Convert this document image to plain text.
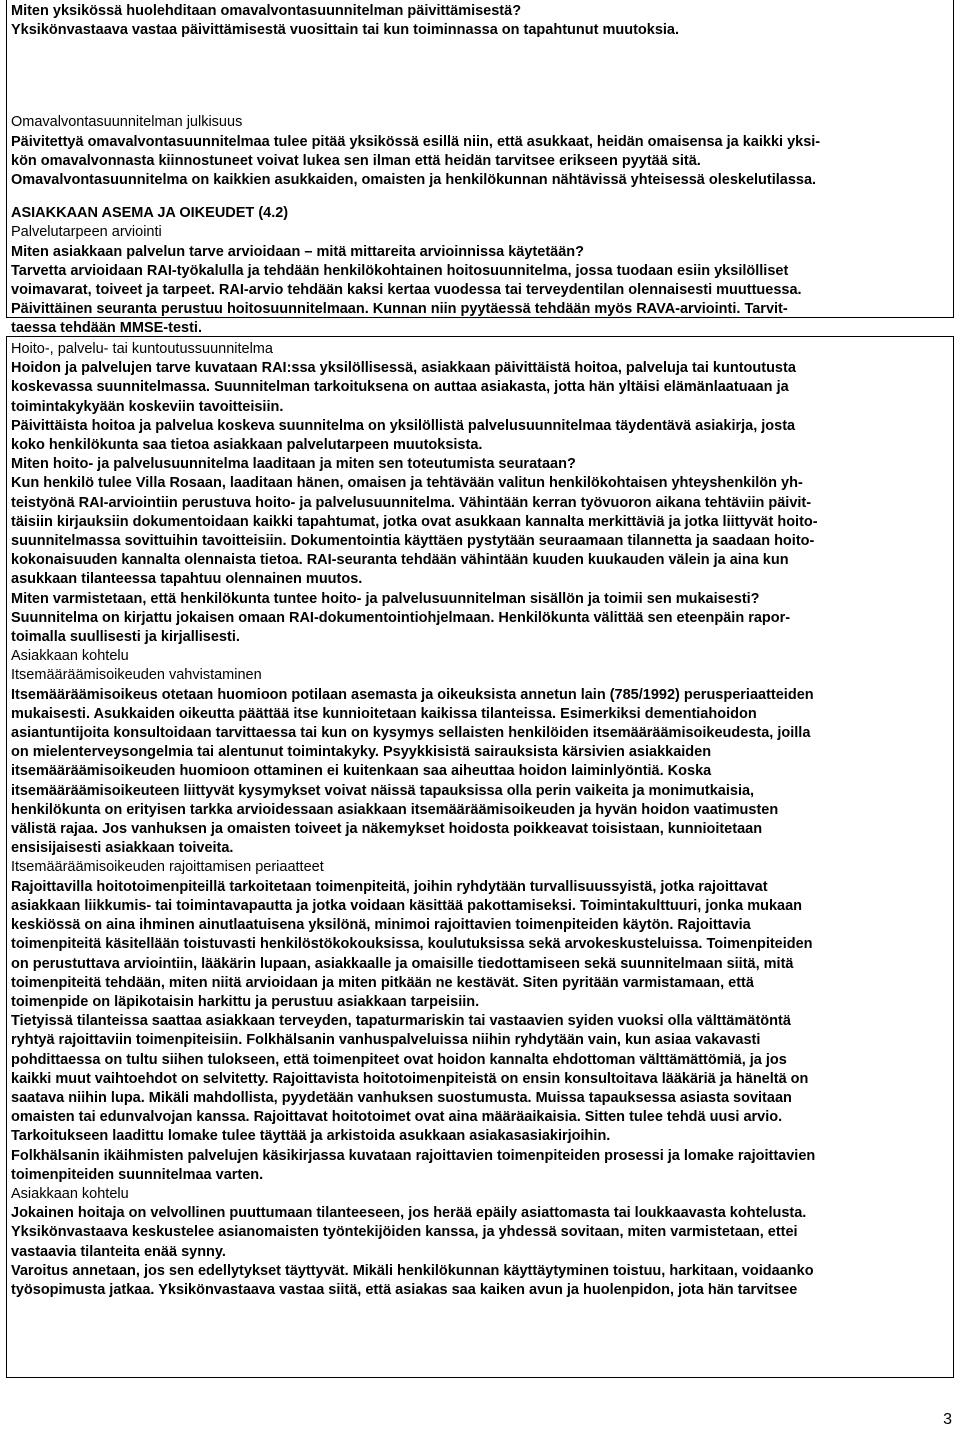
Miten yksikössä huolehditaan omavalvontasuunnitelman päivittämisestä?

Yksikönvastaava vastaa päivittämisestä vuosittain tai kun toiminnassa on tapahtunut muutoksia.

Omavalvontasuunnitelman julkisuus

Päivitettyä omavalvontasuunnitelmaa tulee pitää yksikössä esillä niin, että asukkaat, heidän omaisensa ja kaikki yksi-

kön omavalvonnasta kiinnostuneet voivat lukea sen ilman että heidän tarvitsee erikseen pyytää sitä.

Omavalvontasuunnitelma on kaikkien asukkaiden, omaisten ja henkilökunnan nähtävissä yhteisessä oleskelutilassa.

ASIAKKAAN ASEMA JA OIKEUDET (4.2)

Palvelutarpeen arviointi

Miten asiakkaan palvelun tarve arvioidaan – mitä mittareita arvioinnissa käytetään?

Tarvetta arvioidaan RAI-työkalulla ja tehdään henkilökohtainen hoitosuunnitelma, jossa tuodaan esiin yksilölliset

voimavarat, toiveet ja tarpeet. RAI-arvio tehdään kaksi kertaa vuodessa tai terveydentilan olennaisesti muuttuessa.

Päivittäinen seuranta perustuu hoitosuunnitelmaan. Kunnan niin pyytäessä tehdään myös RAVA-arviointi. Tarvit-

taessa tehdään MMSE-testi.

Hoito-, palvelu- tai kuntoutussuunnitelma

Hoidon ja palvelujen tarve kuvataan RAI:ssa yksilöllisessä, asiakkaan päivittäistä hoitoa, palveluja tai kuntoutusta

koskevassa suunnitelmassa. Suunnitelman tarkoituksena on auttaa asiakasta, jotta hän yltäisi elämänlaatuaan ja

toimintakykyään koskeviin tavoitteisiin.

Päivittäista hoitoa ja palvelua koskeva suunnitelma on yksilöllistä palvelusuunnitelmaa täydentävä asiakirja, josta

koko henkilökunta saa tietoa asiakkaan palvelutarpeen muutoksista.

Miten hoito- ja palvelusuunnitelma laaditaan ja miten sen toteutumista seurataan?

Kun henkilö tulee Villa Rosaan, laaditaan hänen, omaisen ja tehtävään valitun henkilökohtaisen yhteyshenkilön yh-

teistyönä RAI-arviointiin perustuva hoito- ja palvelusuunnitelma. Vähintään kerran työvuoron aikana tehtäviin päivit-

täisiin kirjauksiin dokumentoidaan kaikki tapahtumat, jotka ovat asukkaan kannalta merkittäviä ja jotka liittyvät hoito-

suunnitelmassa sovittuihin tavoitteisiin. Dokumentointia käyttäen pystytään seuraamaan tilannetta ja saadaan hoito-

kokonaisuuden kannalta olennaista tietoa. RAI-seuranta tehdään vähintään kuuden kuukauden välein ja aina kun

asukkaan tilanteessa tapahtuu olennainen muutos.

Miten varmistetaan, että henkilökunta tuntee hoito- ja palvelusuunnitelman sisällön ja toimii sen mukaisesti?

Suunnitelma on kirjattu jokaisen omaan RAI-dokumentointiohjelmaan. Henkilökunta välittää sen eteenpäin rapor-

toimalla suullisesti ja kirjallisesti.

Asiakkaan kohtelu

Itsemääräämisoikeuden vahvistaminen

Itsemääräämisoikeus otetaan huomioon potilaan asemasta ja oikeuksista annetun lain (785/1992) perusperiaatteiden

mukaisesti. Asukkaiden oikeutta päättää itse kunnioitetaan kaikissa tilanteissa. Esimerkiksi dementiahoidon

asiantuntijoita konsultoidaan tarvittaessa tai kun on kysymys sellaisten henkilöiden itsemääräämisoikeudesta, joilla

on mielenterveysongelmia tai alentunut toimintakyky. Psyykkisistä sairauksista kärsivien asiakkaiden

itsemääräämisoikeuden huomioon ottaminen ei kuitenkaan saa aiheuttaa hoidon laiminlyöntiä. Koska

itsemääräämisoikeuteen liittyvät kysymykset voivat näissä tapauksissa olla perin vaikeita ja monimutkaisia,

henkilökunta on erityisen tarkka arvioidessaan asiakkaan itsemääräämisoikeuden ja hyvän hoidon vaatimusten

välistä rajaa. Jos vanhuksen ja omaisten toiveet ja näkemykset hoidosta poikkeavat toisistaan, kunnioitetaan

ensisijaisesti asiakkaan toiveita.

Itsemääräämisoikeuden rajoittamisen periaatteet

Rajoittavilla hoitotoimenpiteillä tarkoitetaan toimenpiteitä, joihin ryhdytään turvallisuussyistä, jotka rajoittavat

asiakkaan liikkumis- tai toimintavapautta ja jotka voidaan käsittää pakottamiseksi. Toimintakulttuuri, jonka mukaan

keskiössä on aina ihminen ainutlaatuisena yksilönä, minimoi rajoittavien toimenpiteiden käytön. Rajoittavia

toimenpiteitä käsitellään toistuvasti henkilöstökokouksissa, koulutuksissa sekä arvokeskusteluissa. Toimenpiteiden

on perustuttava arviointiin, lääkärin lupaan, asiakkaalle ja omaisille tiedottamiseen sekä suunnitelmaan siitä, mitä

toimenpiteitä tehdään, miten niitä arvioidaan ja miten pitkään ne kestävät. Siten pyritään varmistamaan, että

toimenpide on läpikotaisin harkittu ja perustuu asiakkaan tarpeisiin.

Tietyissä tilanteissa saattaa asiakkaan terveyden, tapaturmariskin tai vastaavien syiden vuoksi olla välttämätöntä

ryhtyä rajoittaviin toimenpiteisiin. Folkhälsanin vanhuspalveluissa niihin ryhdytään vain, kun asiaa vakavasti

pohdittaessa on tultu siihen tulokseen, että toimenpiteet ovat hoidon kannalta ehdottoman välttämättömiä, ja jos

kaikki muut vaihtoehdot on selvitetty. Rajoittavista hoitotoimenpiteistä on ensin konsultoitava lääkäriä ja häneltä on

saatava niihin lupa. Mikäli mahdollista, pyydetään vanhuksen suostumusta. Muissa tapauksessa asiasta sovitaan

omaisten tai edunvalvojan kanssa. Rajoittavat hoitotoimet ovat aina määräaikaisia. Sitten tulee tehdä uusi arvio.

Tarkoitukseen laadittu lomake tulee täyttää ja arkistoida asukkaan asiakasasiakirjoihin.

Folkhälsanin ikäihmisten palvelujen käsikirjassa kuvataan rajoittavien toimenpiteiden prosessi ja lomake rajoittavien

toimenpiteiden suunnitelmaa varten.

Asiakkaan kohtelu

Jokainen hoitaja on velvollinen puuttumaan tilanteeseen, jos herää epäily asiattomasta tai loukkaavasta kohtelusta.

Yksikönvastaava keskustelee asianomaisten työntekijöiden kanssa, ja yhdessä sovitaan, miten varmistetaan, ettei

vastaavia tilanteita enää synny.

Varoitus annetaan, jos sen edellytykset täyttyvät. Mikäli henkilökunnan käyttäytyminen toistuu, harkitaan, voidaanko

työsopimusta jatkaa. Yksikönvastaava vastaa siitä, että asiakas saa kaiken avun ja huolenpidon, jota hän tarvitsee

3
